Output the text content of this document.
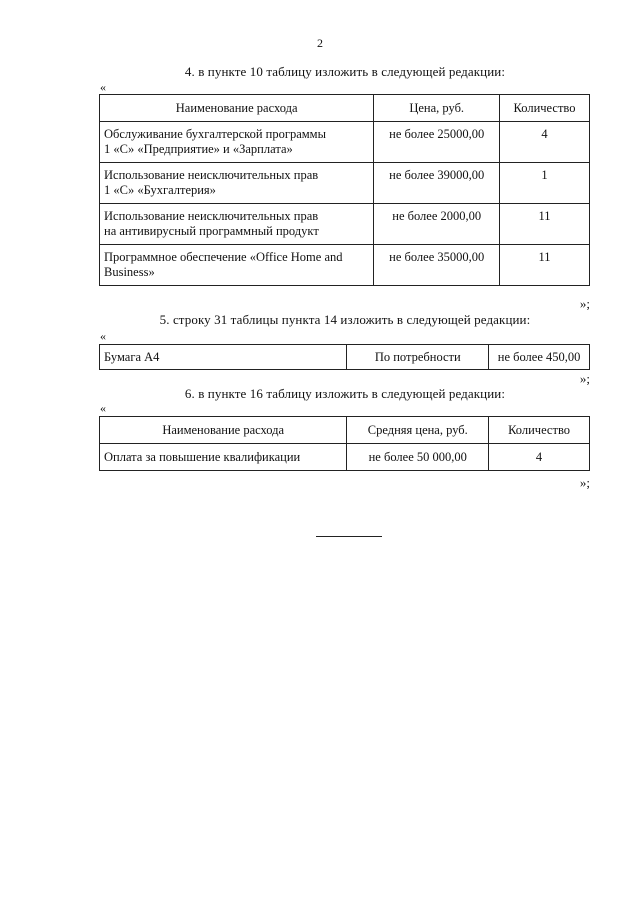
2
4. в пункте 10 таблицу изложить в следующей редакции:
«
Наименование расхода	Цена, руб.	Количество
Обслуживание бухгалтерской программы
1 «С» «Предприятие» и «Зарплата»	не более 25000,00	4
Использование неисключительных прав
1 «С» «Бухгалтерия»	не более 39000,00	1
Использование неисключительных прав
на антивирусный программный продукт	не более 2000,00	11
Программное обеспечение «Office Home and
Business»	не более 35000,00	11
»;
5. строку 31 таблицы пункта 14 изложить в следующей редакции:
«
Бумага А4	По потребности	не более 450,00
»;
6. в пункте 16 таблицу изложить в следующей редакции:
«
Наименование расхода	Средняя цена, руб.	Количество
Оплата за повышение квалификации	не более 50 000,00	4
»;
